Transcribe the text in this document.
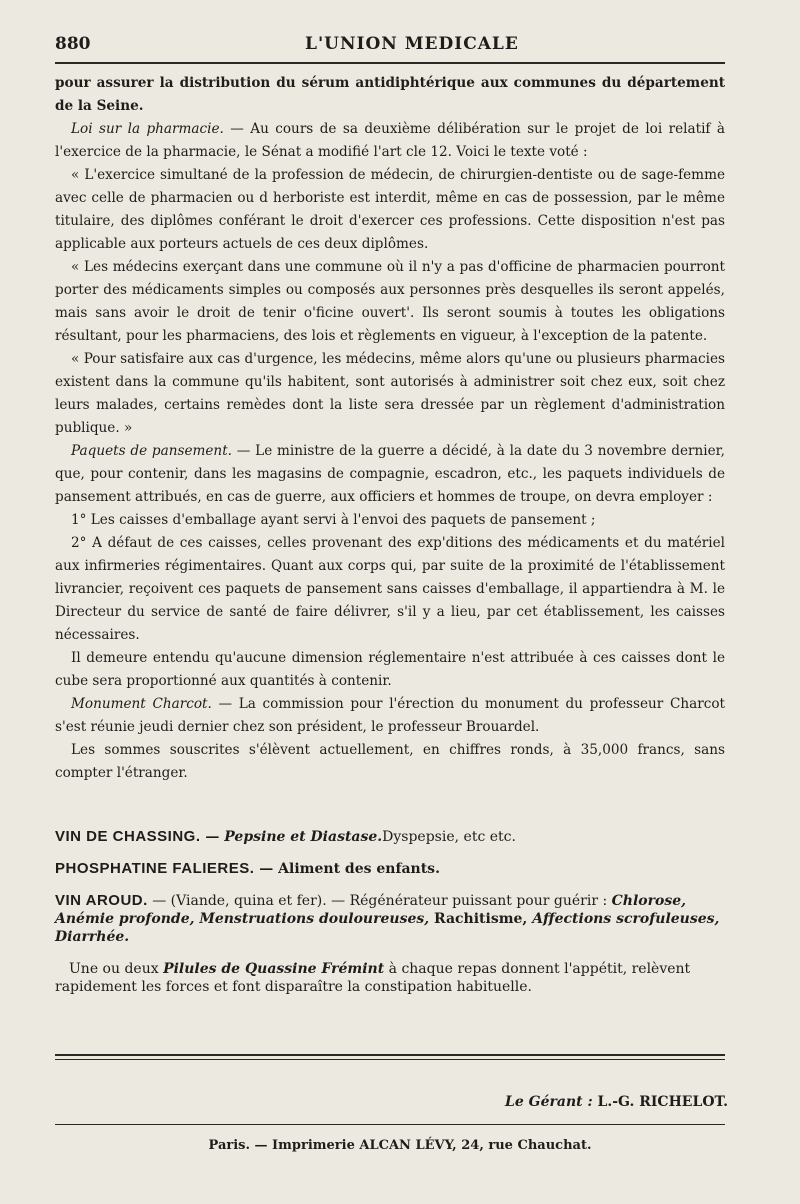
880	L'UNION MEDICALE

pour assurer la distribution du sérum antidiphtérique aux communes du département de la Seine.

Loi sur la pharmacie. — Au cours de sa deuxième délibération sur le projet de loi relatif à l'exercice de la pharmacie, le Sénat a modifié l'art cle 12. Voici le texte voté :

« L'exercice simultané de la profession de médecin, de chirurgien-dentiste ou de sage-femme avec celle de pharmacien ou d herboriste est interdit, même en cas de possession, par le même titulaire, des diplômes conférant le droit d'exercer ces professions. Cette disposition n'est pas applicable aux porteurs actuels de ces deux diplômes.

« Les médecins exerçant dans une commune où il n'y a pas d'officine de pharmacien pourront porter des médicaments simples ou composés aux personnes près desquelles ils seront appelés, mais sans avoir le droit de tenir o'ficine ouvert'. Ils seront soumis à toutes les obligations résultant, pour les pharmaciens, des lois et règlements en vigueur, à l'exception de la patente.

« Pour satisfaire aux cas d'urgence, les médecins, même alors qu'une ou plusieurs pharmacies existent dans la commune qu'ils habitent, sont autorisés à administrer soit chez eux, soit chez leurs malades, certains remèdes dont la liste sera dressée par un règlement d'administration publique. »

Paquets de pansement. — Le ministre de la guerre a décidé, à la date du 3 novembre dernier, que, pour contenir, dans les magasins de compagnie, escadron, etc., les paquets individuels de pansement attribués, en cas de guerre, aux officiers et hommes de troupe, on devra employer :

1° Les caisses d'emballage ayant servi à l'envoi des paquets de pansement ;

2° A défaut de ces caisses, celles provenant des exp'ditions des médicaments et du matériel aux infirmeries régimentaires. Quant aux corps qui, par suite de la proximité de l'établissement livrancier, reçoivent ces paquets de pansement sans caisses d'emballage, il appartiendra à M. le Directeur du service de santé de faire délivrer, s'il y a lieu, par cet établissement, les caisses nécessaires.

Il demeure entendu qu'aucune dimension réglementaire n'est attribuée à ces caisses dont le cube sera proportionné aux quantités à contenir.

Monument Charcot. — La commission pour l'érection du monument du professeur Charcot s'est réunie jeudi dernier chez son président, le professeur Brouardel.

Les sommes souscrites s'élèvent actuellement, en chiffres ronds, à 35,000 francs, sans compter l'étranger.

VIN DE CHASSING. — Pepsine et Diastase.Dyspepsie, etc etc.

PHOSPHATINE FALIERES. — Aliment des enfants.

VIN AROUD. — (Viande, quina et fer). — Régénérateur puissant pour guérir : Chlorose, Anémie profonde, Menstruations douloureuses, Rachitisme, Affections scrofuleuses, Diarrhée.

Une ou deux Pilules de Quassine Frémint à chaque repas donnent l'appétit, relèvent rapidement les forces et font disparaître la constipation habituelle.

Le Gérant : L.-G. RICHELOT.
Paris. — Imprimerie ALCAN LÉVY, 24, rue Chauchat.
